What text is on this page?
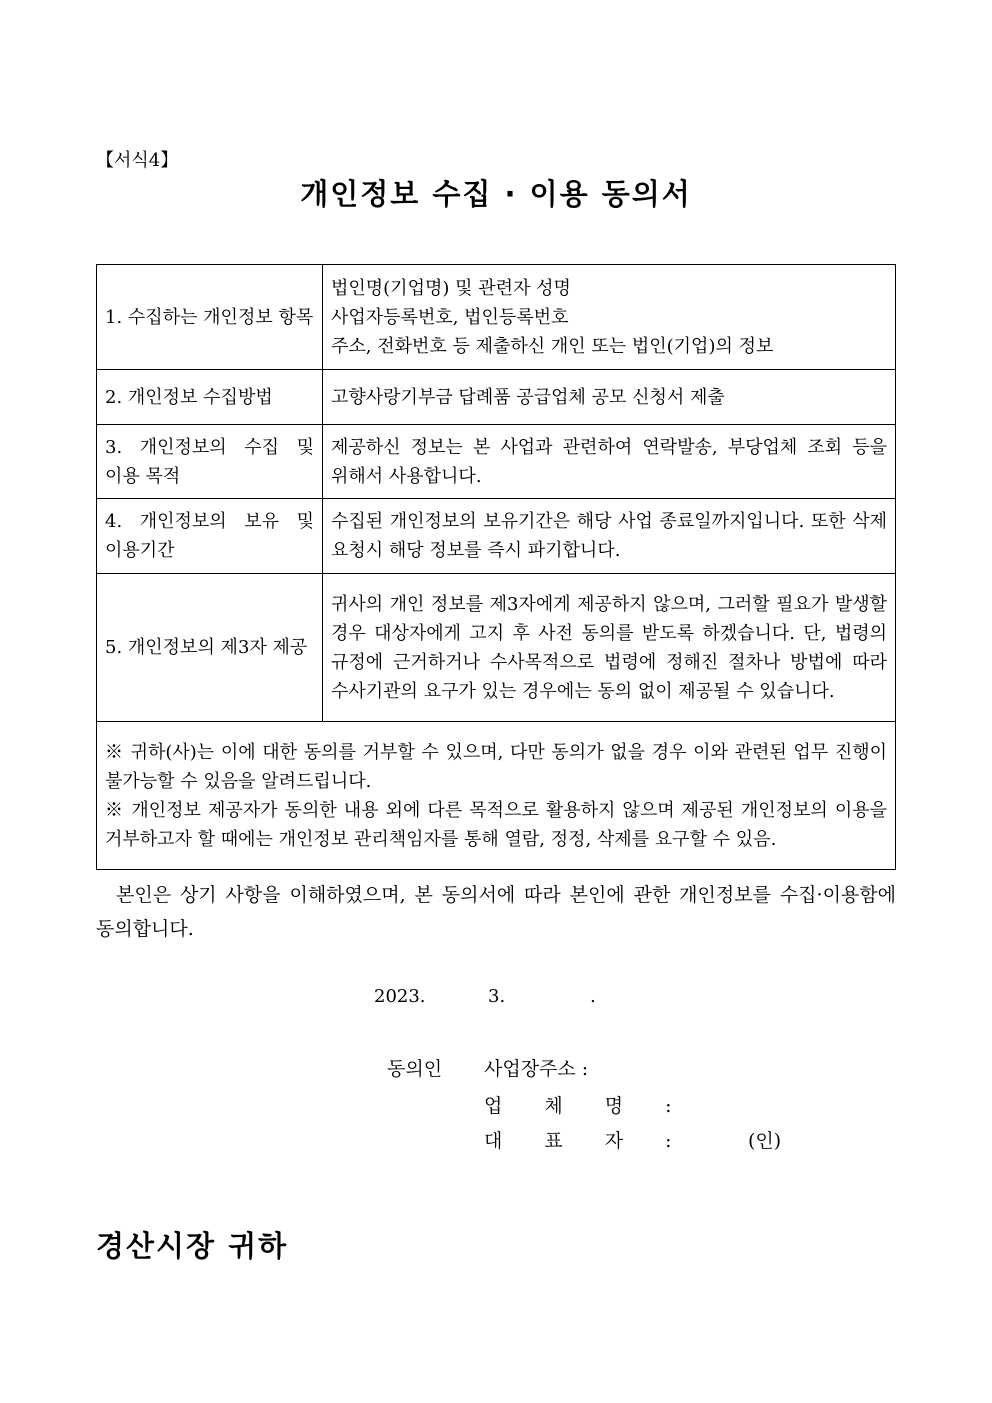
【서식4】
개인정보 수집 · 이용 동의서
1. 수집하는 개인정보 항목	법인명(기업명) 및 관련자 성명
사업자등록번호, 법인등록번호
주소, 전화번호 등 제출하신 개인 또는 법인(기업)의 정보

2. 개인정보 수집방법	고향사랑기부금 답례품 공급업체 공모 신청서 제출

3. 개인정보의 수집 및 이용 목적	제공하신 정보는 본 사업과 관련하여 연락발송, 부당업체 조회 등을 위해서 사용합니다.

4. 개인정보의 보유 및 이용기간	수집된 개인정보의 보유기간은 해당 사업 종료일까지입니다. 또한 삭제 요청시 해당 정보를 즉시 파기합니다.

5. 개인정보의 제3자 제공	귀사의 개인 정보를 제3자에게 제공하지 않으며, 그러할 필요가 발생할 경우 대상자에게 고지 후 사전 동의를 받도록 하겠습니다. 단, 법령의 규정에 근거하거나 수사목적으로 법령에 정해진 절차나 방법에 따라 수사기관의 요구가 있는 경우에는 동의 없이 제공될 수 있습니다.

※ 귀하(사)는 이에 대한 동의를 거부할 수 있으며, 다만 동의가 없을 경우 이와 관련된 업무 진행이 불가능할 수 있음을 알려드립니다.
※ 개인정보 제공자가 동의한 내용 외에 다른 목적으로 활용하지 않으며 제공된 개인정보의 이용을 거부하고자 할 때에는 개인정보 관리책임자를 통해 열람, 정정, 삭제를 요구할 수 있음.	
본인은 상기 사항을 이해하였으며, 본 동의서에 따라 본인에 관한 개인정보를 수집·이용함에 동의합니다.
2023.	3.	.
동의인 사업장주소 :
업 체 명 :
대 표 자 :	(인)
경산시장 귀하
